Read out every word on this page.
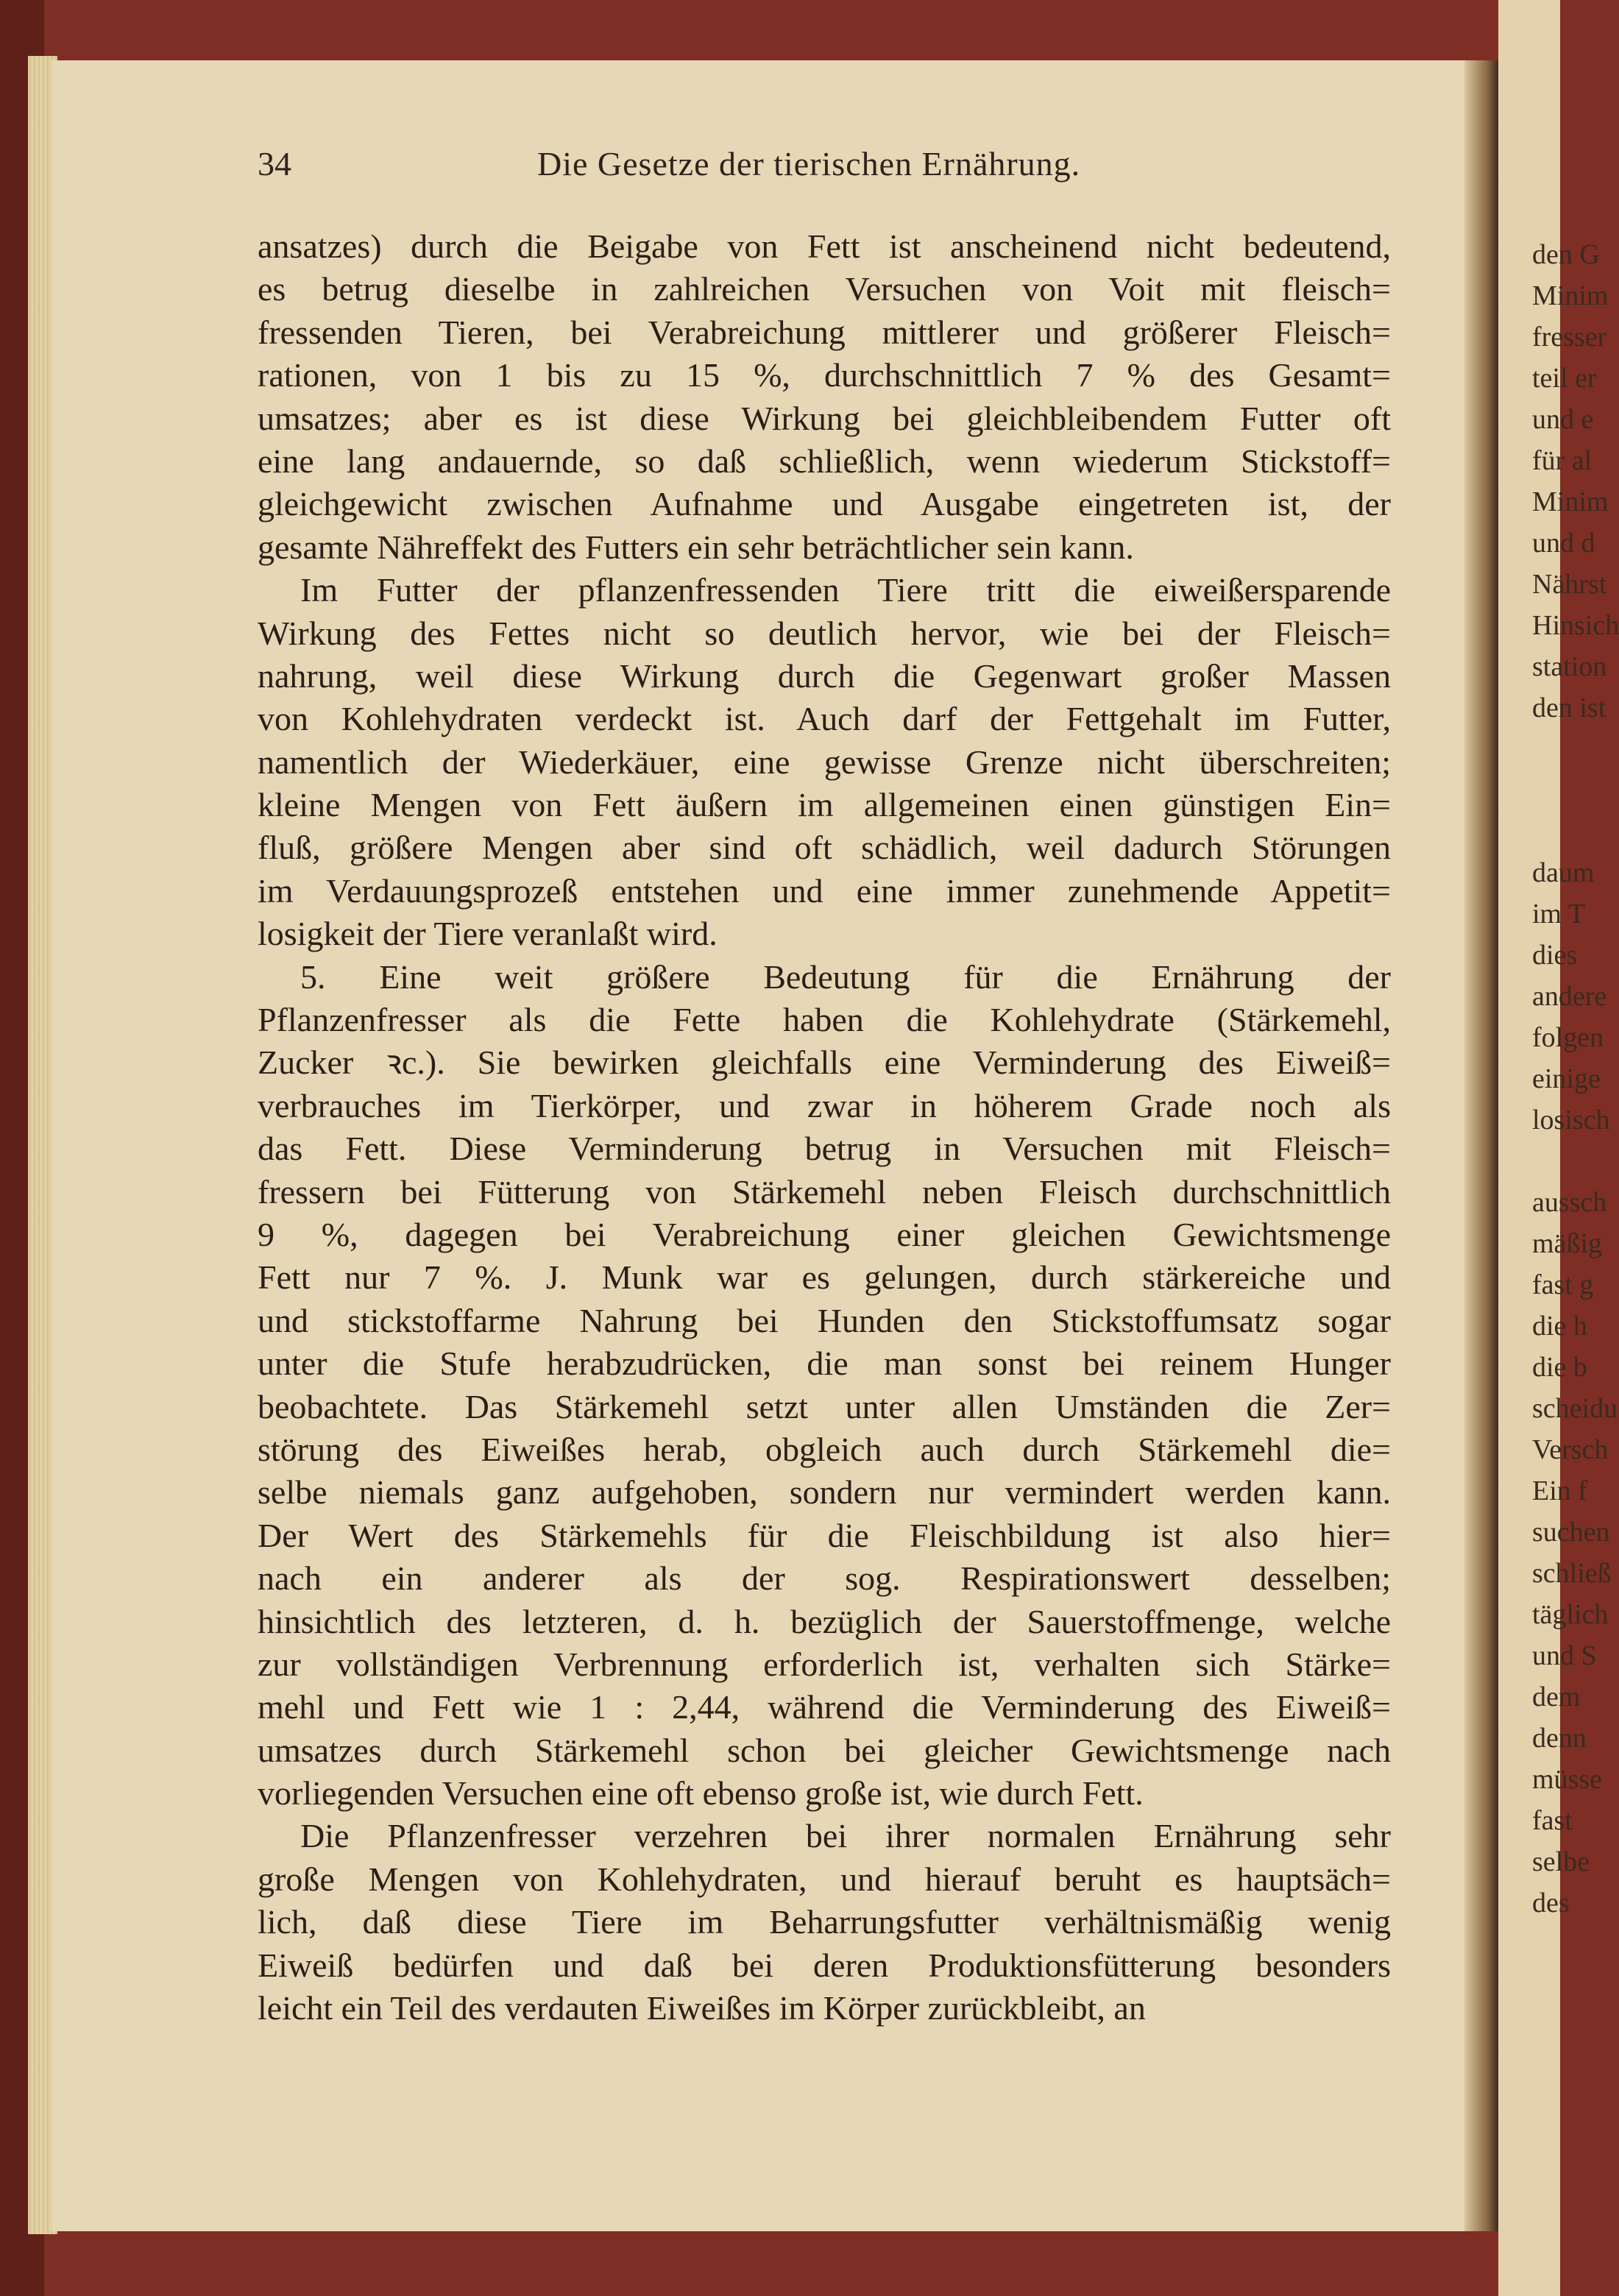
den G
Minim
fresser
teil er
und e
für al
Minim
und d
Nährst
Hinsich
station
den ist
daum
im T
dies
andere
folgen
einige
losisch
aussch
mäßig
fast g
die h
die b
scheidu
Versch
Ein f
suchen
schließ
täglich
und S
dem
denn
müsse
fast
selbe
des
34	Die Gesetze der tierischen Ernährung.
ansatzes) durch die Beigabe von Fett ist anscheinend nicht bedeutend,
es betrug dieselbe in zahlreichen Versuchen von Voit mit fleisch=
fressenden Tieren, bei Verabreichung mittlerer und größerer Fleisch=
rationen, von 1 bis zu 15 %, durchschnittlich 7 % des Gesamt=
umsatzes; aber es ist diese Wirkung bei gleichbleibendem Futter oft
eine lang andauernde, so daß schließlich, wenn wiederum Stickstoff=
gleichgewicht zwischen Aufnahme und Ausgabe eingetreten ist, der
gesamte Nähreffekt des Futters ein sehr beträchtlicher sein kann.
Im Futter der pflanzenfressenden Tiere tritt die eiweißersparende
Wirkung des Fettes nicht so deutlich hervor, wie bei der Fleisch=
nahrung, weil diese Wirkung durch die Gegenwart großer Massen
von Kohlehydraten verdeckt ist. Auch darf der Fettgehalt im Futter,
namentlich der Wiederkäuer, eine gewisse Grenze nicht überschreiten;
kleine Mengen von Fett äußern im allgemeinen einen günstigen Ein=
fluß, größere Mengen aber sind oft schädlich, weil dadurch Störungen
im Verdauungsprozeß entstehen und eine immer zunehmende Appetit=
losigkeit der Tiere veranlaßt wird.
5. Eine weit größere Bedeutung für die Ernährung der
Pflanzenfresser als die Fette haben die Kohlehydrate (Stärkemehl,
Zucker ꝛc.). Sie bewirken gleichfalls eine Verminderung des Eiweiß=
verbrauches im Tierkörper, und zwar in höherem Grade noch als
das Fett. Diese Verminderung betrug in Versuchen mit Fleisch=
fressern bei Fütterung von Stärkemehl neben Fleisch durchschnittlich
9 %, dagegen bei Verabreichung einer gleichen Gewichtsmenge
Fett nur 7 %. J. Munk war es gelungen, durch stärkereiche und
und stickstoffarme Nahrung bei Hunden den Stickstoffumsatz sogar
unter die Stufe herabzudrücken, die man sonst bei reinem Hunger
beobachtete. Das Stärkemehl setzt unter allen Umständen die Zer=
störung des Eiweißes herab, obgleich auch durch Stärkemehl die=
selbe niemals ganz aufgehoben, sondern nur vermindert werden kann.
Der Wert des Stärkemehls für die Fleischbildung ist also hier=
nach ein anderer als der sog. Respirationswert desselben;
hinsichtlich des letzteren, d. h. bezüglich der Sauerstoffmenge, welche
zur vollständigen Verbrennung erforderlich ist, verhalten sich Stärke=
mehl und Fett wie 1 : 2,44, während die Verminderung des Eiweiß=
umsatzes durch Stärkemehl schon bei gleicher Gewichtsmenge nach
vorliegenden Versuchen eine oft ebenso große ist, wie durch Fett.
Die Pflanzenfresser verzehren bei ihrer normalen Ernährung sehr
große Mengen von Kohlehydraten, und hierauf beruht es hauptsäch=
lich, daß diese Tiere im Beharrungsfutter verhältnismäßig wenig
Eiweiß bedürfen und daß bei deren Produktionsfütterung besonders
leicht ein Teil des verdauten Eiweißes im Körper zurückbleibt, an
